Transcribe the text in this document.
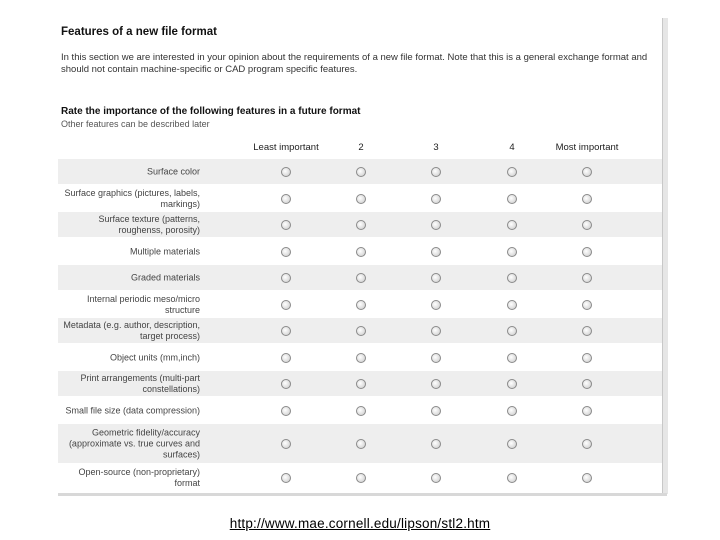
Features of a new file format
In this section we are interested in your opinion about the requirements of a new file format. Note that this is a general exchange format and should not contain machine-specific or CAD program specific features.
Rate the importance of the following features in a future format
Other features can be described later
Least important	2	3	4	Most important
Surface color
Surface graphics (pictures, labels, markings)
Surface texture (patterns, roughenss, porosity)
Multiple materials
Graded materials
Internal periodic meso/micro structure
Metadata (e.g. author, description, target process)
Object units (mm,inch)
Print arrangements (multi-part constellations)
Small file size (data compression)
Geometric fidelity/accuracy (approximate vs. true curves and surfaces)
Open-source (non-proprietary) format
http://www.mae.cornell.edu/lipson/stl2.htm
